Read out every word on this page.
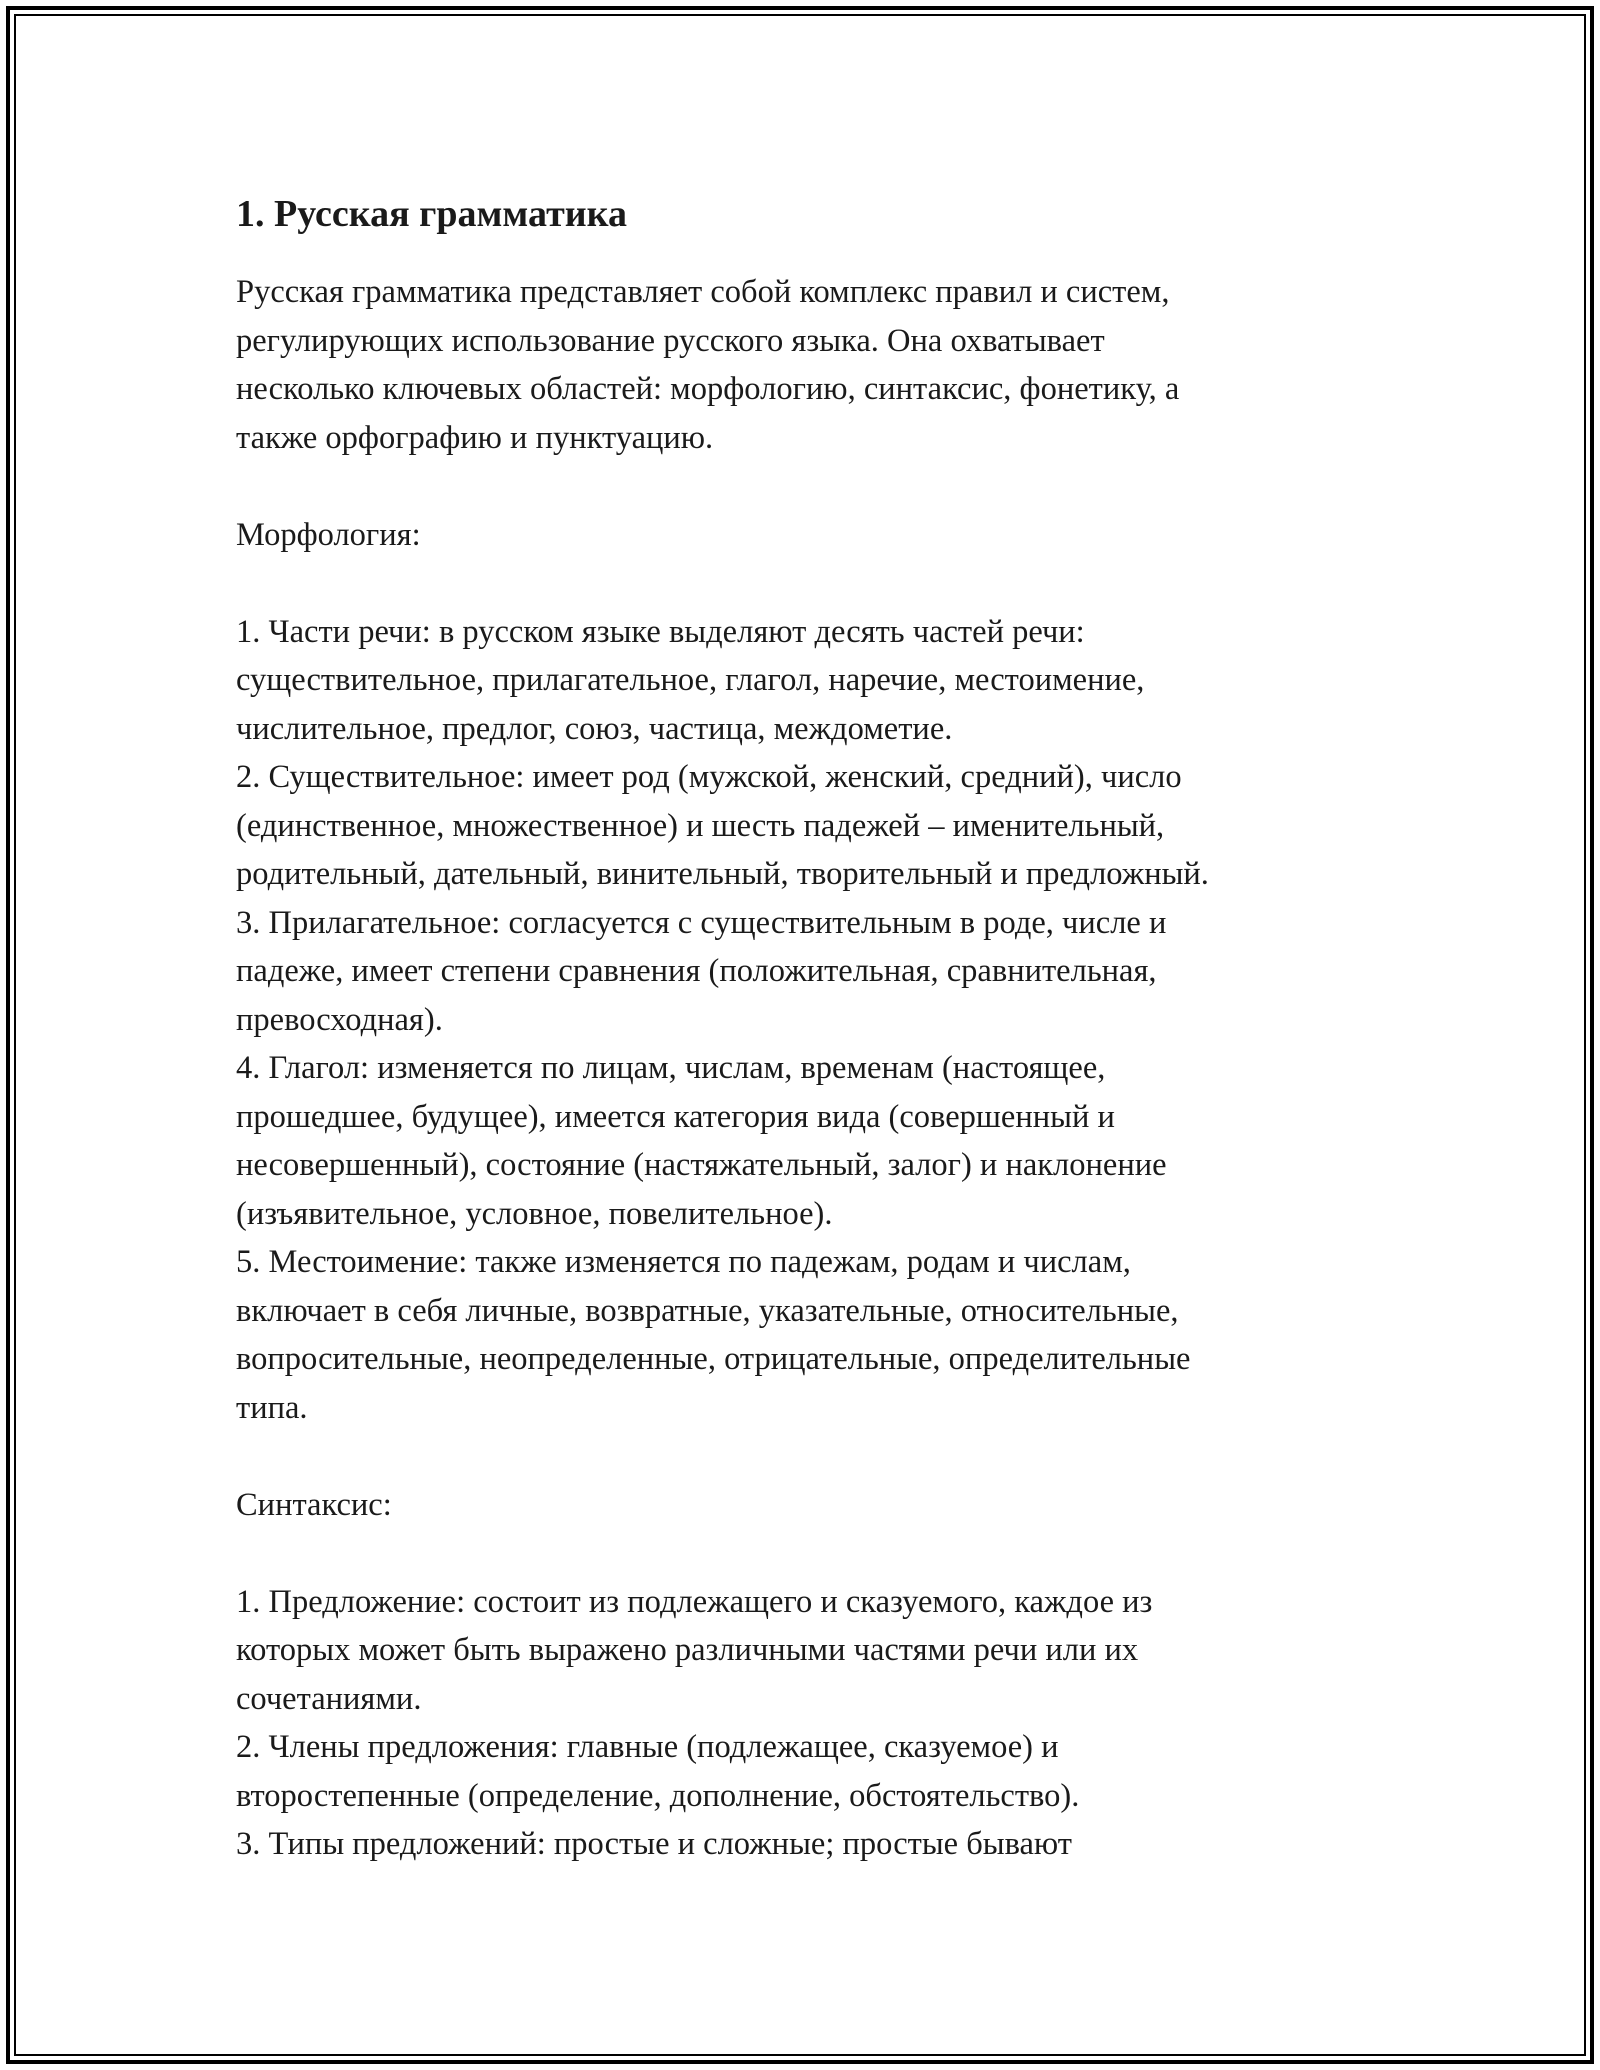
1. Русская грамматика

Русская грамматика представляет собой комплекс правил и систем,
регулирующих использование русского языка. Она охватывает
несколько ключевых областей: морфологию, синтаксис, фонетику, а
также орфографию и пунктуацию.

Морфология:

1. Части речи: в русском языке выделяют десять частей речи:
существительное, прилагательное, глагол, наречие, местоимение,
числительное, предлог, союз, частица, междометие.

2. Существительное: имеет род (мужской, женский, средний), число
(единственное, множественное) и шесть падежей – именительный,
родительный, дательный, винительный, творительный и предложный.

3. Прилагательное: согласуется с существительным в роде, числе и
падеже, имеет степени сравнения (положительная, сравнительная,
превосходная).

4. Глагол: изменяется по лицам, числам, временам (настоящее,
прошедшее, будущее), имеется категория вида (совершенный и
несовершенный), состояние (настяжательный, залог) и наклонение
(изъявительное, условное, повелительное).

5. Местоимение: также изменяется по падежам, родам и числам,
включает в себя личные, возвратные, указательные, относительные,
вопросительные, неопределенные, отрицательные, определительные
типа.

Синтаксис:

1. Предложение: состоит из подлежащего и сказуемого, каждое из
которых может быть выражено различными частями речи или их
сочетаниями.

2. Члены предложения: главные (подлежащее, сказуемое) и
второстепенные (определение, дополнение, обстоятельство).

3. Типы предложений: простые и сложные; простые бывают
